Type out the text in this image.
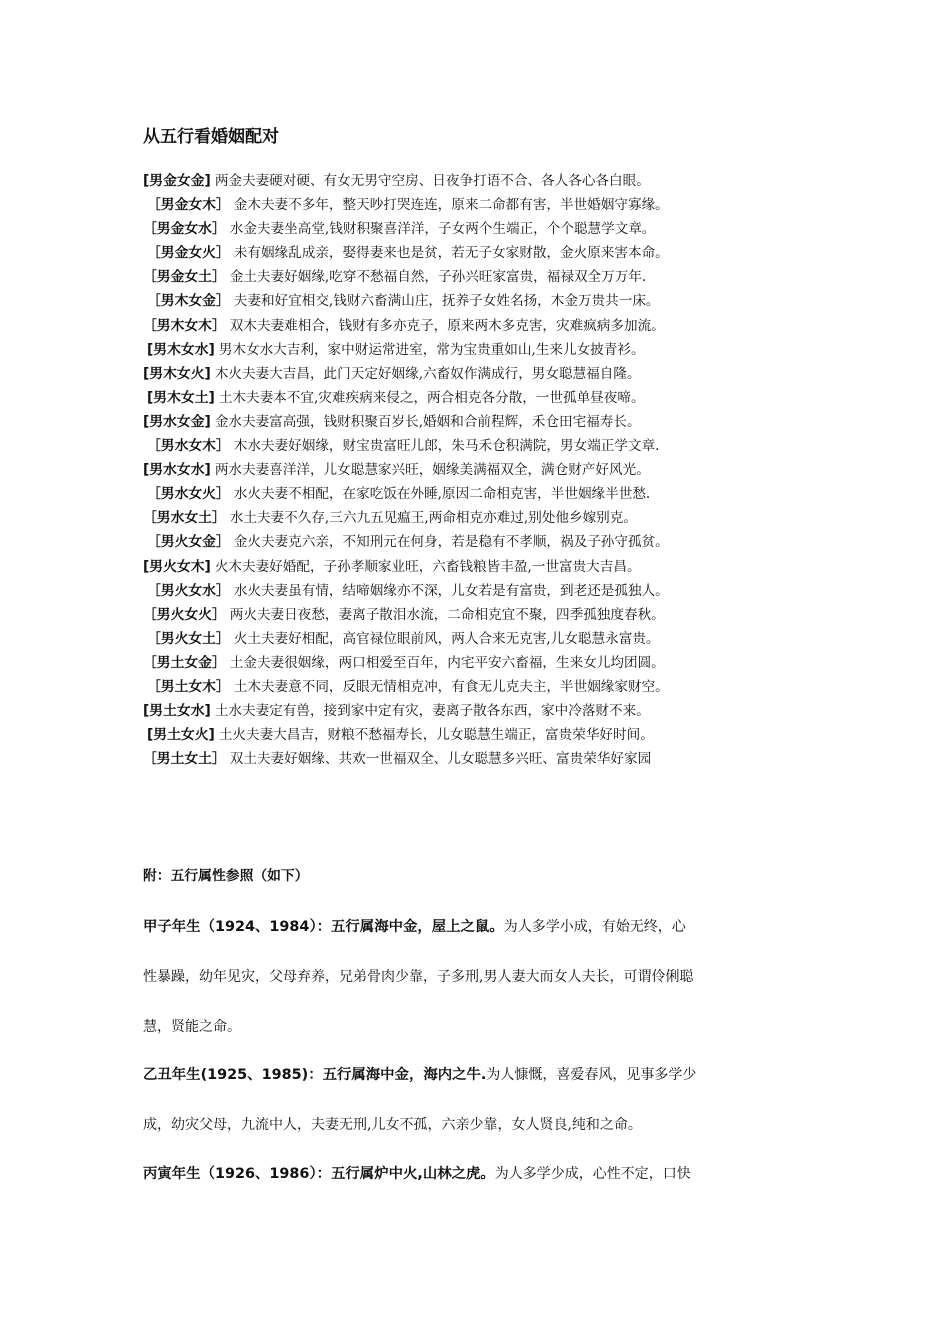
从五行看婚姻配对
[男金女金] 两金夫妻硬对硬、有女无男守空房、日夜争打语不合、各人各心各白眼。
［男金女木］ 金木夫妻不多年，整天吵打哭连连，原来二命都有害，半世婚姻守寡缘。
［男金女水］ 水金夫妻坐高堂,钱财积聚喜洋洋，子女两个生端正，个个聪慧学文章。
［男金女火］ 未有姻缘乱成亲，娶得妻来也是贫，若无子女家财散，金火原来害本命。
［男金女土］ 金土夫妻好姻缘,吃穿不愁福自然，子孙兴旺家富贵，福禄双全万万年.
［男木女金］ 夫妻和好宜相交,钱财六畜满山庄，抚养子女姓名扬，木金万贵共一床。
［男木女木］ 双木夫妻难相合，钱财有多亦克子，原来两木多克害，灾难疯病多加流。
[男木女水] 男木女水大吉利，家中财运常进室，常为宝贵重如山,生来儿女披青衫。
[男木女火] 木火夫妻大吉昌，此门天定好姻缘,六畜奴作满成行，男女聪慧福自隆。
[男木女土] 土木夫妻本不宜,灾难疾病来侵之，两合相克各分散，一世孤单昼夜啼。
[男水女金] 金水夫妻富高强，钱财积聚百岁长,婚姻和合前程辉，禾仓田宅福寿长。
［男水女木］ 木水夫妻好姻缘，财宝贵富旺儿郎，朱马禾仓积满院，男女端正学文章.
[男水女水] 两水夫妻喜洋洋，儿女聪慧家兴旺，姻缘美满福双全，满仓财产好风光。
［男水女火］ 水火夫妻不相配，在家吃饭在外睡,原因二命相克害，半世姻缘半世愁.
［男水女土］ 水土夫妻不久存,三六九五见瘟王,两命相克亦难过,别处他乡嫁别克。
［男火女金］ 金火夫妻克六亲，不知刑元在何身，若是稳有不孝顺，祸及子孙守孤贫。
[男火女木] 火木夫妻好婚配，子孙孝顺家业旺，六畜钱粮皆丰盈,一世富贵大吉昌。
［男火女水］ 水火夫妻虽有情，结啼姻缘亦不深，儿女若是有富贵，到老还是孤独人。
［男火女火］ 两火夫妻日夜愁，妻离子散泪水流，二命相克宜不聚，四季孤独度春秋。
［男火女土］ 火土夫妻好相配，高官禄位眼前风，两人合来无克害,儿女聪慧永富贵。
［男土女金］ 土金夫妻很姻缘，两口相爱至百年，内宅平安六畜福，生来女儿均团圆。
［男土女木］ 土木夫妻意不同，反眼无情相克冲，有食无儿克夫主，半世姻缘家财空。
[男土女水] 土水夫妻定有兽，接到家中定有灾，妻离子散各东西，家中冷落财不来。
[男土女火] 土火夫妻大昌吉，财粮不愁福寿长，儿女聪慧生端正，富贵荣华好时间。
［男土女土］ 双土夫妻好姻缘、共欢一世福双全、儿女聪慧多兴旺、富贵荣华好家园
附：五行属性参照（如下）
甲子年生（1924、1984）：五行属海中金，屋上之鼠。为人多学小成，有始无终，心
性暴躁，幼年见灾，父母弃养，兄弟骨肉少靠，子多刑,男人妻大而女人夫长，可谓伶俐聪
慧，贤能之命。
乙丑年生(1925、1985)：五行属海中金，海内之牛.为人慷慨，喜爱春风，见事多学少
成，幼灾父母，九流中人，夫妻无刑,儿女不孤，六亲少靠，女人贤良,纯和之命。
丙寅年生（1926、1986）：五行属炉中火,山林之虎。为人多学少成，心性不定，口快
